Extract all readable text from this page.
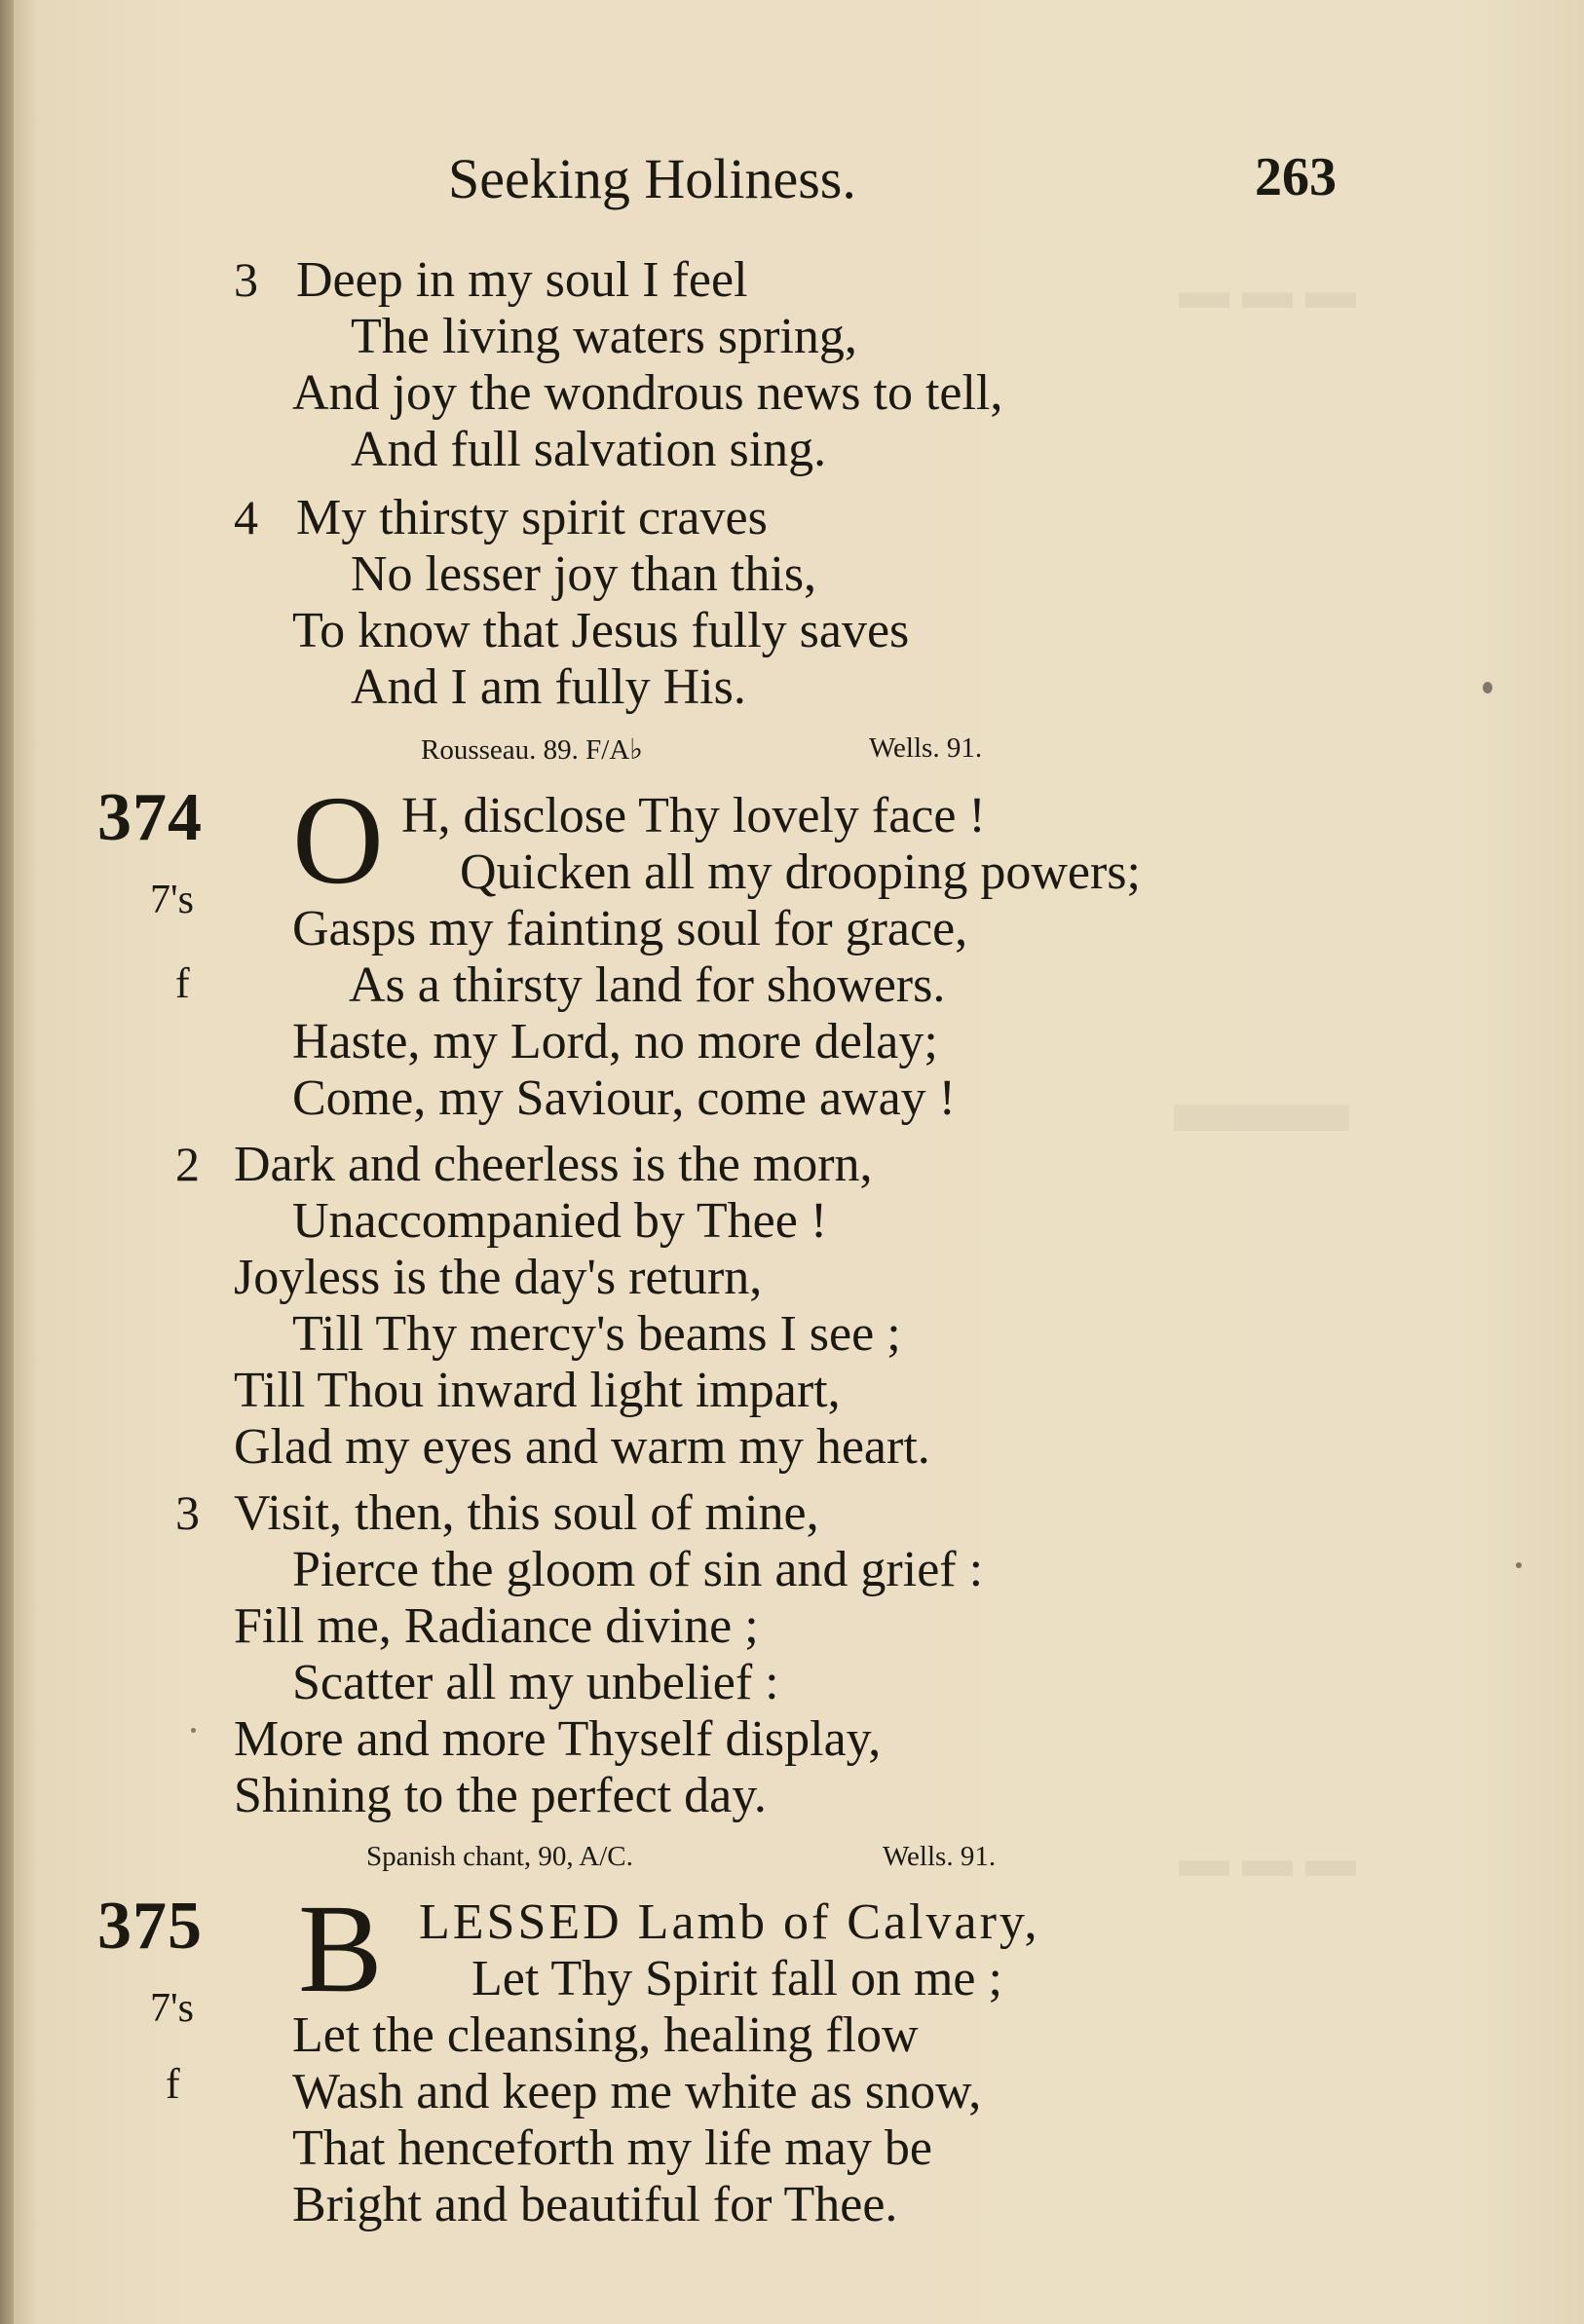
▬ ▬ ▬
▬▬
▬ ▬ ▬
Seeking Holiness.	263
3 Deep in my soul I feel
The living waters spring,
And joy the wondrous news to tell,
And full salvation sing.
4 My thirsty spirit craves
No lesser joy than this,
To know that Jesus fully saves
And I am fully His.
Rousseau. 89. F/A♭	Wells. 91.
374
7's
f
O H, disclose Thy lovely face !
Quicken all my drooping powers;
Gasps my fainting soul for grace,
As a thirsty land for showers.
Haste, my Lord, no more delay;
Come, my Saviour, come away !
2 Dark and cheerless is the morn,
Unaccompanied by Thee !
Joyless is the day's return,
Till Thy mercy's beams I see ;
Till Thou inward light impart,
Glad my eyes and warm my heart.
3 Visit, then, this soul of mine,
Pierce the gloom of sin and grief :
Fill me, Radiance divine ;
Scatter all my unbelief :
More and more Thyself display,
Shining to the perfect day.
Spanish chant, 90, A/C.	Wells. 91.
375
7's
f
B LESSED Lamb of Calvary,
Let Thy Spirit fall on me ;
Let the cleansing, healing flow
Wash and keep me white as snow,
That henceforth my life may be
Bright and beautiful for Thee.
